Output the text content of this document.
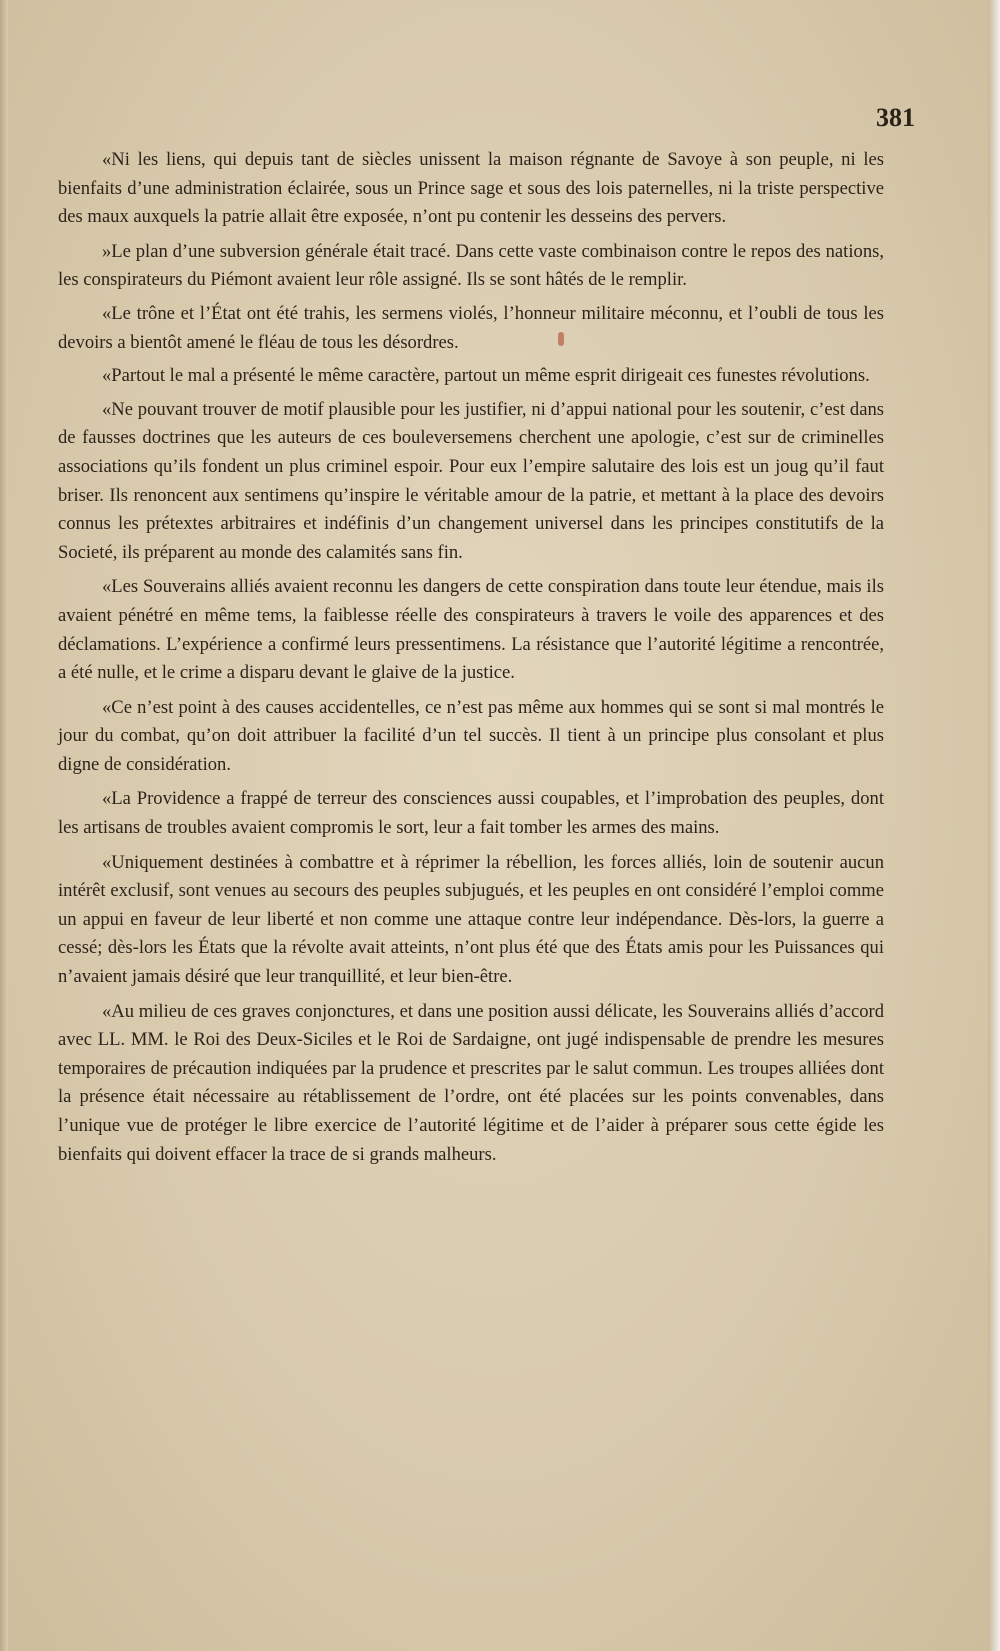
381

«Ni les liens, qui depuis tant de siècles unissent la maison régnante de Savoye à son peuple, ni les bienfaits d’une administration éclairée, sous un Prince sage et sous des lois paternelles, ni la triste perspective des maux auxquels la patrie allait être exposée, n’ont pu contenir les desseins des pervers.

»Le plan d’une subversion générale était tracé. Dans cette vaste combinaison contre le repos des nations, les conspirateurs du Piémont avaient leur rôle assigné. Ils se sont hâtés de le remplir.

«Le trône et l’État ont été trahis, les sermens violés, l’honneur militaire méconnu, et l’oubli de tous les devoirs a bientôt amené le fléau de tous les désordres.

«Partout le mal a présenté le même caractère, partout un même esprit dirigeait ces funestes révolutions.

«Ne pouvant trouver de motif plausible pour les justifier, ni d’appui national pour les soutenir, c’est dans de fausses doctrines que les auteurs de ces bouleversemens cherchent une apologie, c’est sur de criminelles associations qu’ils fondent un plus criminel espoir. Pour eux l’empire salutaire des lois est un joug qu’il faut briser. Ils renoncent aux sentimens qu’inspire le véritable amour de la patrie, et mettant à la place des devoirs connus les prétextes arbitraires et indéfinis d’un changement universel dans les principes constitutifs de la Societé, ils préparent au monde des calamités sans fin.

«Les Souverains alliés avaient reconnu les dangers de cette conspiration dans toute leur étendue, mais ils avaient pénétré en même tems, la faiblesse réelle des conspirateurs à travers le voile des apparences et des déclamations. L’expérience a confirmé leurs pressentimens. La résistance que l’autorité légitime a rencontrée, a été nulle, et le crime a disparu devant le glaive de la justice.

«Ce n’est point à des causes accidentelles, ce n’est pas même aux hommes qui se sont si mal montrés le jour du combat, qu’on doit attribuer la facilité d’un tel succès. Il tient à un principe plus consolant et plus digne de considération.

«La Providence a frappé de terreur des consciences aussi coupables, et l’improbation des peuples, dont les artisans de troubles avaient compromis le sort, leur a fait tomber les armes des mains.

«Uniquement destinées à combattre et à réprimer la rébellion, les forces alliés, loin de soutenir aucun intérêt exclusif, sont venues au secours des peuples subjugués, et les peuples en ont considéré l’emploi comme un appui en faveur de leur liberté et non comme une attaque contre leur indépendance. Dès-lors, la guerre a cessé; dès-lors les États que la révolte avait atteints, n’ont plus été que des États amis pour les Puissances qui n’avaient jamais désiré que leur tranquillité, et leur bien-être.

«Au milieu de ces graves conjonctures, et dans une position aussi délicate, les Souverains alliés d’accord avec LL. MM. le Roi des Deux-Siciles et le Roi de Sardaigne, ont jugé indispensable de prendre les mesures temporaires de précaution indiquées par la prudence et prescrites par le salut commun. Les troupes alliées dont la présence était nécessaire au rétablissement de l’ordre, ont été placées sur les points convenables, dans l’unique vue de protéger le libre exercice de l’autorité légitime et de l’aider à préparer sous cette égide les bienfaits qui doivent effacer la trace de si grands malheurs.
